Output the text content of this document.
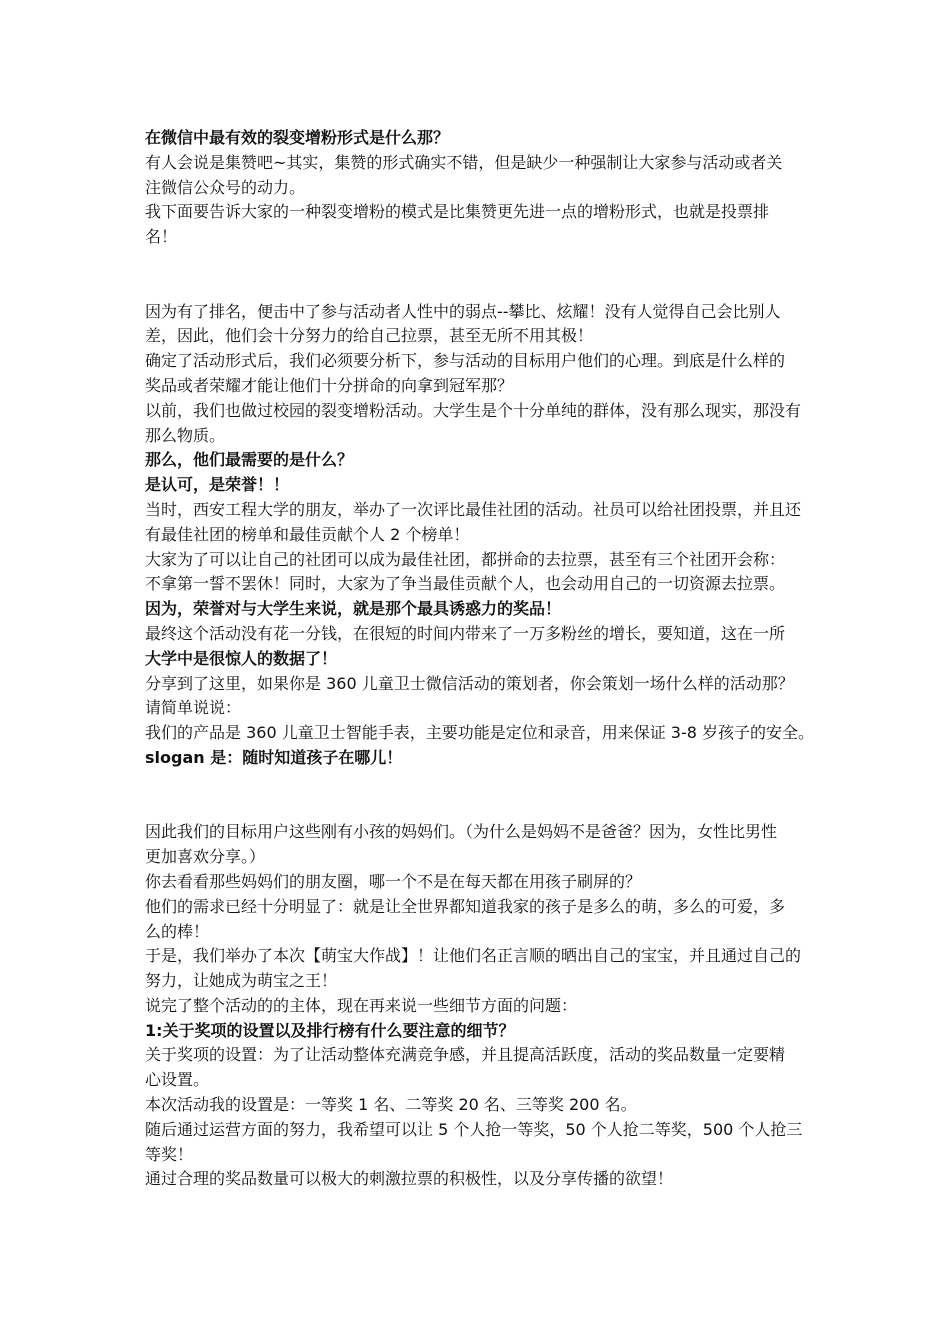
在微信中最有效的裂变增粉形式是什么那？

有人会说是集赞吧~其实，集赞的形式确实不错，但是缺少一种强制让大家参与活动或者关

注微信公众号的动力。

我下面要告诉大家的一种裂变增粉的模式是比集赞更先进一点的增粉形式，也就是投票排

名！

因为有了排名，便击中了参与活动者人性中的弱点--攀比、炫耀！没有人觉得自己会比别人

差，因此，他们会十分努力的给自己拉票，甚至无所不用其极！

确定了活动形式后，我们必须要分析下，参与活动的目标用户他们的心理。到底是什么样的

奖品或者荣耀才能让他们十分拼命的向拿到冠军那？

以前，我们也做过校园的裂变增粉活动。大学生是个十分单纯的群体，没有那么现实，那没有

那么物质。

那么，他们最需要的是什么？

是认可，是荣誉！！

当时，西安工程大学的朋友，举办了一次评比最佳社团的活动。社员可以给社团投票，并且还

有最佳社团的榜单和最佳贡献个人 2 个榜单！

大家为了可以让自己的社团可以成为最佳社团，都拼命的去拉票，甚至有三个社团开会称：

不拿第一誓不罢休！同时，大家为了争当最佳贡献个人，也会动用自己的一切资源去拉票。

因为，荣誉对与大学生来说，就是那个最具诱惑力的奖品！

最终这个活动没有花一分钱，在很短的时间内带来了一万多粉丝的增长，要知道，这在一所

大学中是很惊人的数据了！

分享到了这里，如果你是 360 儿童卫士微信活动的策划者，你会策划一场什么样的活动那？

请简单说说：

我们的产品是 360 儿童卫士智能手表，主要功能是定位和录音，用来保证 3-8 岁孩子的安全。

slogan 是：随时知道孩子在哪儿！

因此我们的目标用户这些刚有小孩的妈妈们。（为什么是妈妈不是爸爸？因为，女性比男性

更加喜欢分享。）

你去看看那些妈妈们的朋友圈，哪一个不是在每天都在用孩子刷屏的？

他们的需求已经十分明显了：就是让全世界都知道我家的孩子是多么的萌，多么的可爱，多

么的棒！

于是，我们举办了本次【萌宝大作战】！让他们名正言顺的晒出自己的宝宝，并且通过自己的

努力，让她成为萌宝之王！

说完了整个活动的的主体，现在再来说一些细节方面的问题：

1:关于奖项的设置以及排行榜有什么要注意的细节？

关于奖项的设置：为了让活动整体充满竞争感，并且提高活跃度，活动的奖品数量一定要精

心设置。

本次活动我的设置是：一等奖 1 名、二等奖 20 名、三等奖 200 名。

随后通过运营方面的努力，我希望可以让 5 个人抢一等奖，50 个人抢二等奖，500 个人抢三

等奖！

通过合理的奖品数量可以极大的刺激拉票的积极性，以及分享传播的欲望！
